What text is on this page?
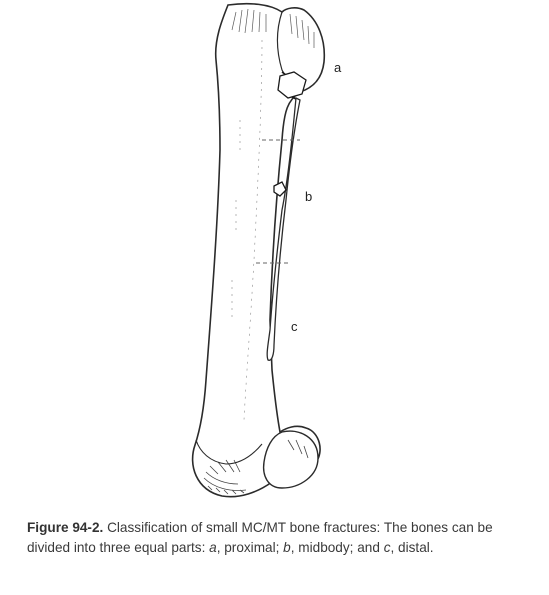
a
b
c
Figure 94-2. Classification of small MC/MT bone fractures: The bones can be divided into three equal parts: a, proximal; b, midbody; and c, distal.
